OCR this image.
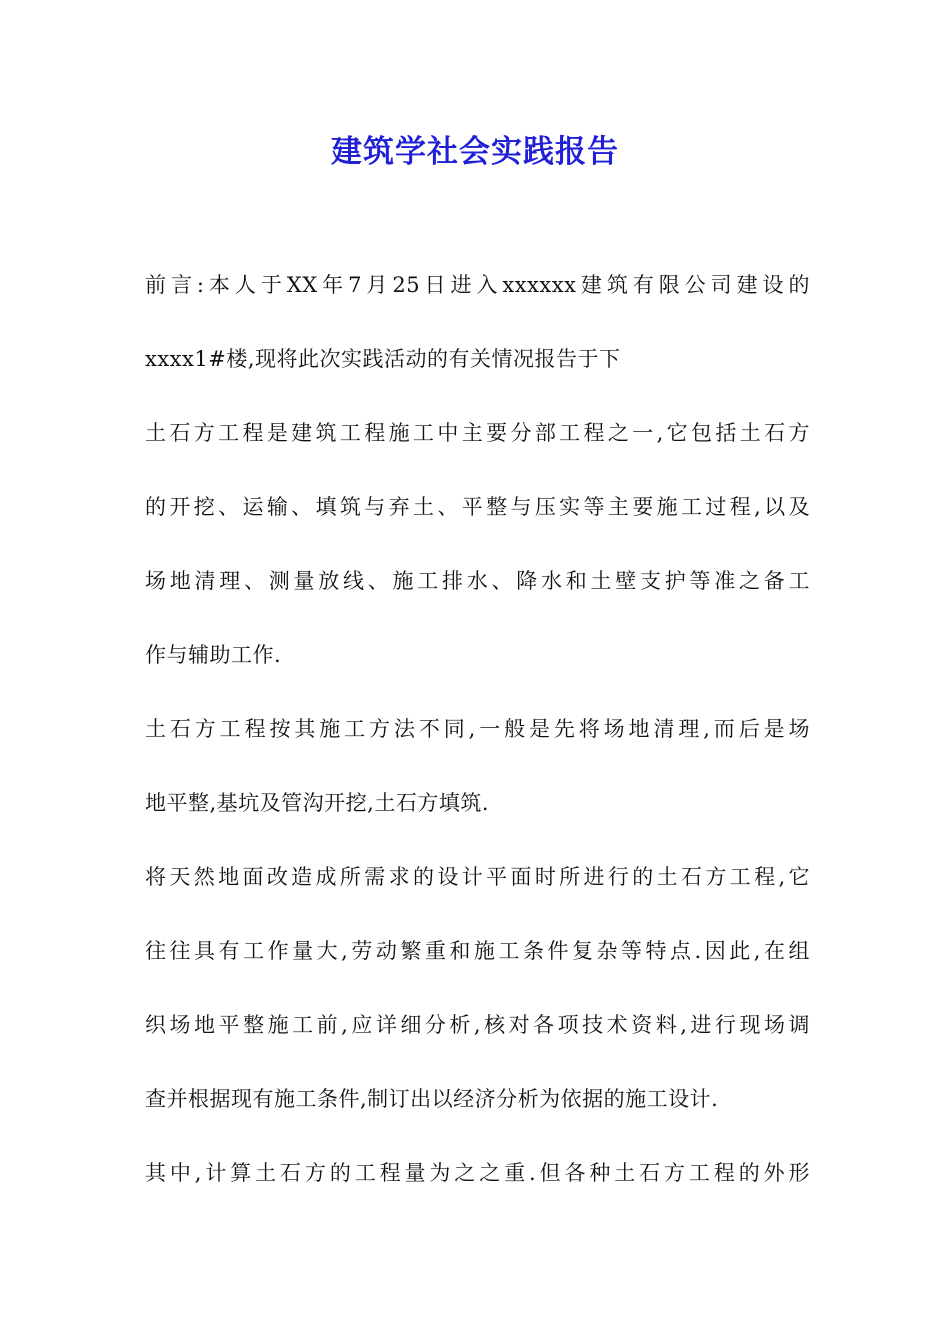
建筑学社会实践报告
前言:本人于XX年7月25日进入xxxxxx建筑有限公司建设的
xxxx1#楼,现将此次实践活动的有关情况报告于下
土石方工程是建筑工程施工中主要分部工程之一,它包括土石方
的开挖、运输、填筑与弃土、平整与压实等主要施工过程,以及
场地清理、测量放线、施工排水、降水和土壁支护等准之备工
作与辅助工作.
土石方工程按其施工方法不同,一般是先将场地清理,而后是场
地平整,基坑及管沟开挖,土石方填筑.
将天然地面改造成所需求的设计平面时所进行的土石方工程,它
往往具有工作量大,劳动繁重和施工条件复杂等特点.因此,在组
织场地平整施工前,应详细分析,核对各项技术资料,进行现场调
查并根据现有施工条件,制订出以经济分析为依据的施工设计.
其中,计算土石方的工程量为之之重.但各种土石方工程的外形
